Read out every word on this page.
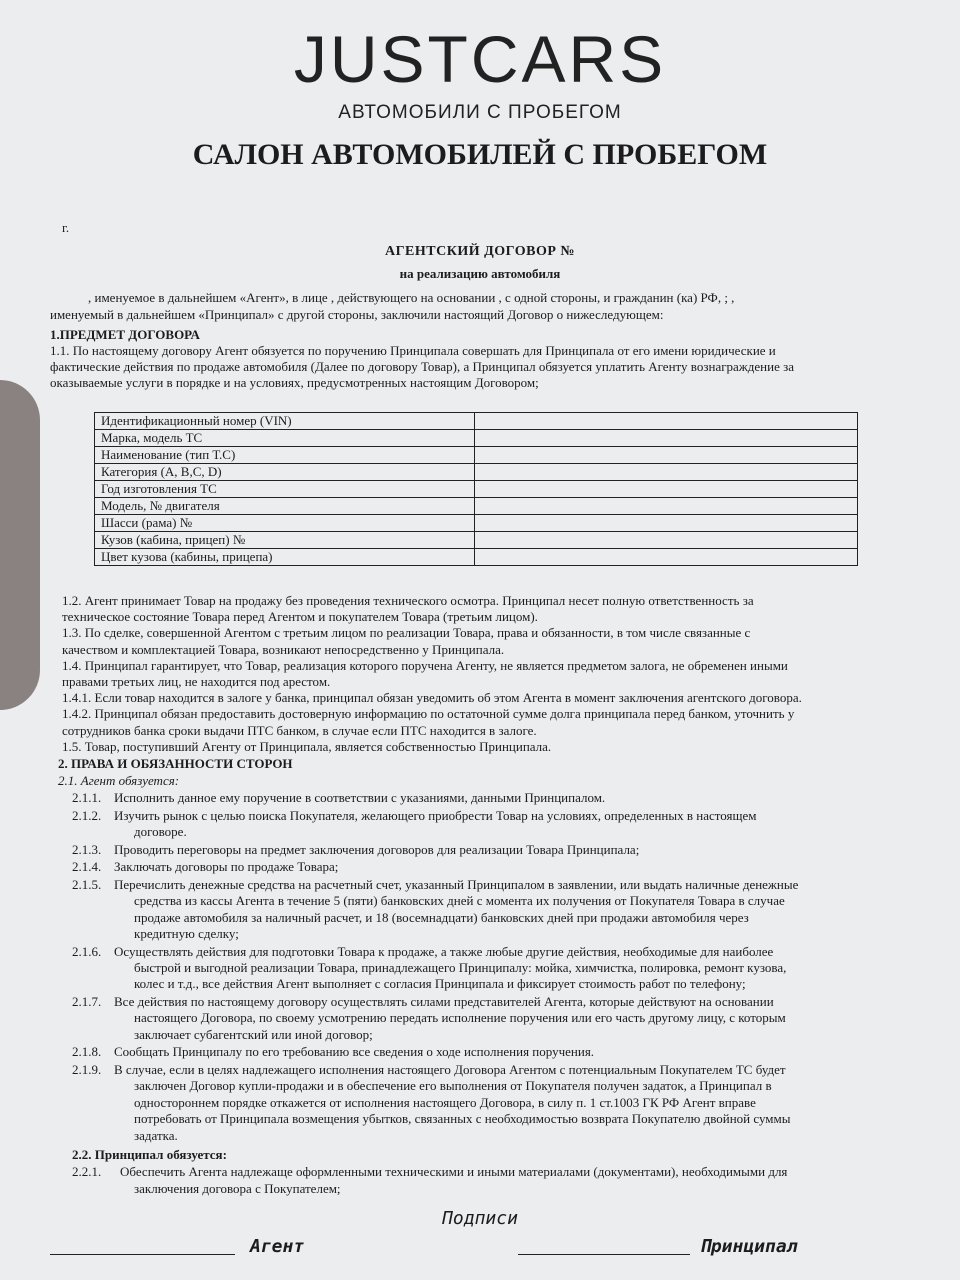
JUSTCARS
АВТОМОБИЛИ С ПРОБЕГОМ
САЛОН АВТОМОБИЛЕЙ С ПРОБЕГОМ
г.
АГЕНТСКИЙ ДОГОВОР №
на реализацию автомобиля
, именуемое в дальнейшем «Агент», в лице , действующего на основании , с одной стороны, и гражданин (ка) РФ, ; ,
именуемый в дальнейшем «Принципал» с другой стороны, заключили настоящий Договор о нижеследующем:
1.ПРЕДМЕТ ДОГОВОРА
1.1. По настоящему договору Агент обязуется по поручению Принципала совершать для Принципала от его имени юридические и
фактические действия по продаже автомобиля (Далее по договору Товар), а Принципал обязуется уплатить Агенту вознаграждение за
оказываемые услуги в порядке и на условиях, предусмотренных настоящим Договором;
Идентификационный номер (VIN)	
Марка, модель ТС	
Наименование (тип Т.С)	
Категория (A, B,C, D)	
Год изготовления ТС	
Модель, № двигателя	
Шасси (рама) №	
Кузов (кабина, прицеп) №	
Цвет кузова (кабины, прицепа)	
1.2. Агент принимает Товар на продажу без проведения технического осмотра. Принципал несет полную ответственность за
техническое состояние Товара перед Агентом и покупателем Товара (третьим лицом).
1.3. По сделке, совершенной Агентом с третьим лицом по реализации Товара, права и обязанности, в том числе связанные с
качеством и комплектацией Товара, возникают непосредственно у Принципала.
1.4. Принципал гарантирует, что Товар, реализация которого поручена Агенту, не является предметом залога, не обременен иными
правами третьих лиц, не находится под арестом.
1.4.1. Если товар находится в залоге у банка, принципал обязан уведомить об этом Агента в момент заключения агентского договора.
1.4.2. Принципал обязан предоставить достоверную информацию по остаточной сумме долга принципала перед банком, уточнить у
сотрудников банка сроки выдачи ПТС банком, в случае если ПТС находится в залоге.
1.5. Товар, поступивший Агенту от Принципала, является собственностью Принципала.
2. ПРАВА И ОБЯЗАННОСТИ СТОРОН
2.1. Агент обязуется:
2.1.1. Исполнить данное ему поручение в соответствии с указаниями, данными Принципалом.
2.1.2. Изучить рынок с целью поиска Покупателя, желающего приобрести Товар на условиях, определенных в настоящем
договоре.
2.1.3. Проводить переговоры на предмет заключения договоров для реализации Товара Принципала;
2.1.4. Заключать договоры по продаже Товара;
2.1.5. Перечислить денежные средства на расчетный счет, указанный Принципалом в заявлении, или выдать наличные денежные
средства из кассы Агента в течение 5 (пяти) банковских дней с момента их получения от Покупателя Товара в случае
продаже автомобиля за наличный расчет, и 18 (восемнадцати) банковских дней при продажи автомобиля через
кредитную сделку;
2.1.6. Осуществлять действия для подготовки Товара к продаже, а также любые другие действия, необходимые для наиболее
быстрой и выгодной реализации Товара, принадлежащего Принципалу: мойка, химчистка, полировка, ремонт кузова,
колес и т.д., все действия Агент выполняет с согласия Принципала и фиксирует стоимость работ по телефону;
2.1.7. Все действия по настоящему договору осуществлять силами представителей Агента, которые действуют на основании
настоящего Договора, по своему усмотрению передать исполнение поручения или его часть другому лицу, с которым
заключает субагентский или иной договор;
2.1.8. Сообщать Принципалу по его требованию все сведения о ходе исполнения поручения.
2.1.9. В случае, если в целях надлежащего исполнения настоящего Договора Агентом с потенциальным Покупателем ТС будет
заключен Договор купли-продажи и в обеспечение его выполнения от Покупателя получен задаток, а Принципал в
одностороннем порядке откажется от исполнения настоящего Договора, в силу п. 1 ст.1003 ГК РФ Агент вправе
потребовать от Принципала возмещения убытков, связанных с необходимостью возврата Покупателю двойной суммы
задатка.
2.2. Принципал обязуется:
2.2.1. Обеспечить Агента надлежаще оформленными техническими и иными материалами (документами), необходимыми для
заключения договора с Покупателем;
Подписи
Агент	Принципал
